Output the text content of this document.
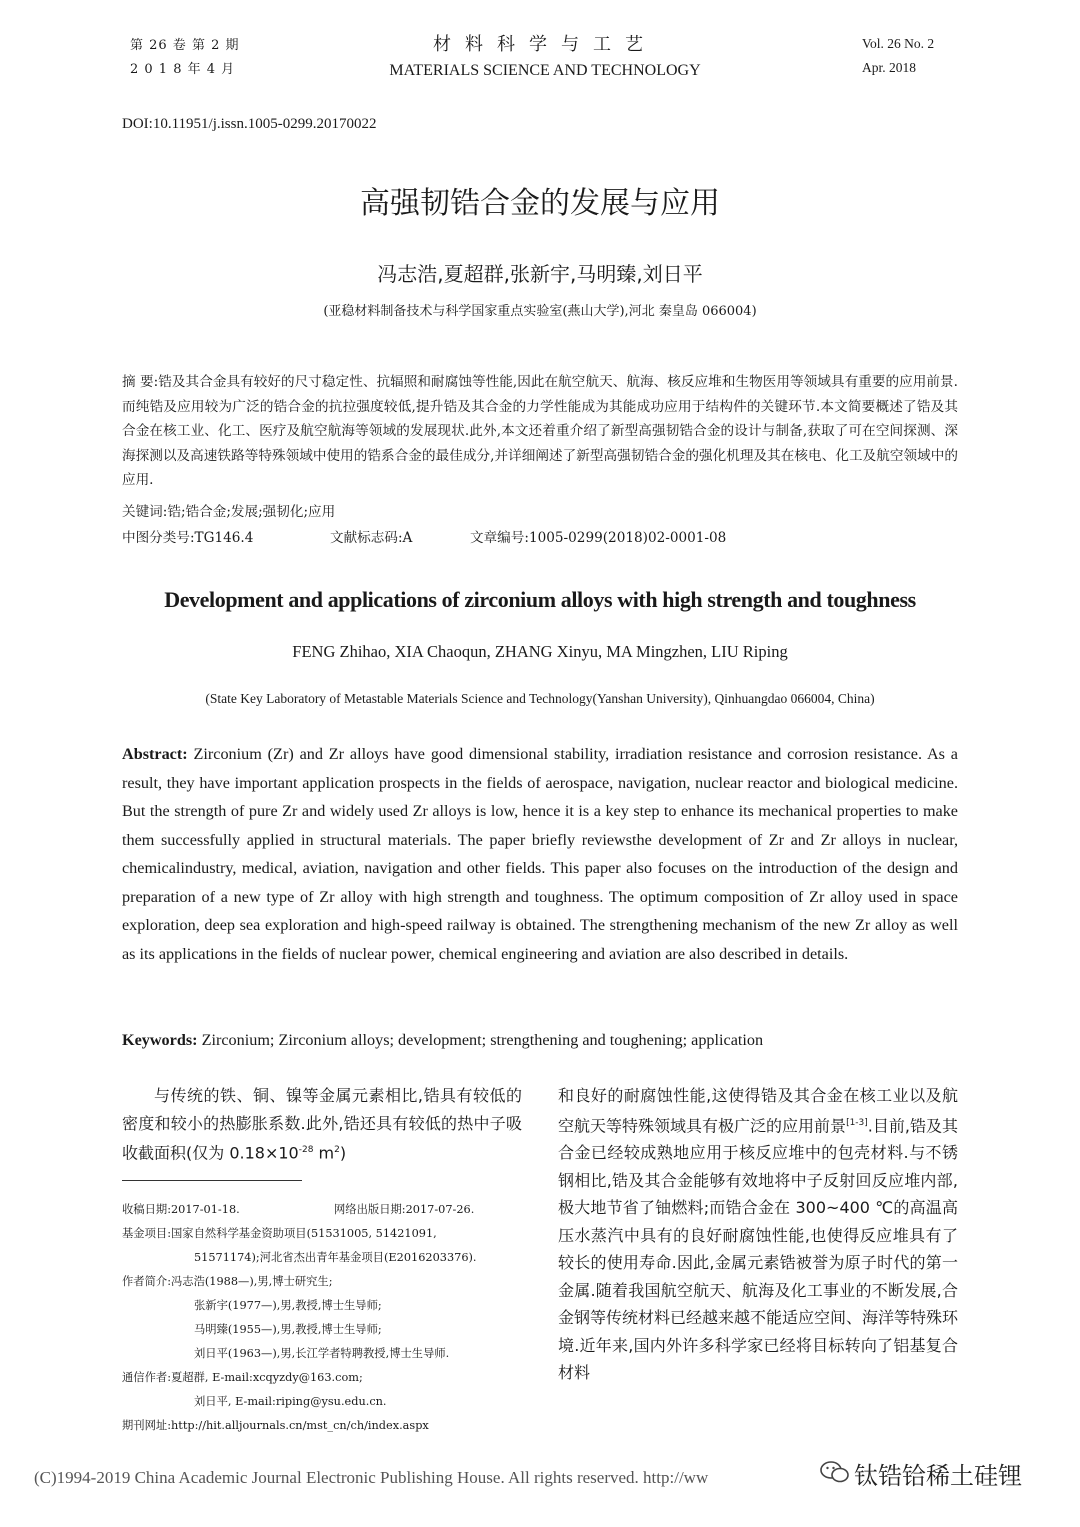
第 26 卷 第 2 期
2 0 1 8 年 4 月
材料科学与工艺
MATERIALS SCIENCE AND TECHNOLOGY
Vol. 26 No. 2
Apr. 2018
DOI:10.11951/j.issn.1005-0299.20170022
高强韧锆合金的发展与应用
冯志浩,夏超群,张新宇,马明臻,刘日平
(亚稳材料制备技术与科学国家重点实验室(燕山大学),河北 秦皇岛 066004)
摘 要:锆及其合金具有较好的尺寸稳定性、抗辐照和耐腐蚀等性能,因此在航空航天、航海、核反应堆和生物医用等领域具有重要的应用前景.而纯锆及应用较为广泛的锆合金的抗拉强度较低,提升锆及其合金的力学性能成为其能成功应用于结构件的关键环节.本文简要概述了锆及其合金在核工业、化工、医疗及航空航海等领域的发展现状.此外,本文还着重介绍了新型高强韧锆合金的设计与制备,获取了可在空间探测、深海探测以及高速铁路等特殊领域中使用的锆系合金的最佳成分,并详细阐述了新型高强韧锆合金的强化机理及其在核电、化工及航空领域中的应用.
关键词:锆;锆合金;发展;强韧化;应用
中图分类号:TG146.4	文献标志码:A	文章编号:1005-0299(2018)02-0001-08
Development and applications of zirconium alloys with high strength and toughness
FENG Zhihao, XIA Chaoqun, ZHANG Xinyu, MA Mingzhen, LIU Riping
(State Key Laboratory of Metastable Materials Science and Technology(Yanshan University), Qinhuangdao 066004, China)
Abstract: Zirconium (Zr) and Zr alloys have good dimensional stability, irradiation resistance and corrosion resistance. As a result, they have important application prospects in the fields of aerospace, navigation, nuclear reactor and biological medicine. But the strength of pure Zr and widely used Zr alloys is low, hence it is a key step to enhance its mechanical properties to make them successfully applied in structural materials. The paper briefly reviewsthe development of Zr and Zr alloys in nuclear, chemicalindustry, medical, aviation, navigation and other fields. This paper also focuses on the introduction of the design and preparation of a new type of Zr alloy with high strength and toughness. The optimum composition of Zr alloy used in space exploration, deep sea exploration and high-speed railway is obtained. The strengthening mechanism of the new Zr alloy as well as its applications in the fields of nuclear power, chemical engineering and aviation are also described in details.
Keywords: Zirconium; Zirconium alloys; development; strengthening and toughening; application
与传统的铁、铜、镍等金属元素相比,锆具有较低的密度和较小的热膨胀系数.此外,锆还具有较低的热中子吸收截面积(仅为 $0.18\times 10^{-28}$ $m^2$)
收稿日期:2017-01-18.	网络出版日期:2017-07-26.
基金项目:国家自然科学基金资助项目(51531005, 51421091,
51571174);河北省杰出青年基金项目(E2016203376).
作者简介:冯志浩(1988—),男,博士研究生;
张新宇(1977—),男,教授,博士生导师;
马明臻(1955—),男,教授,博士生导师;
刘日平(1963—),男,长江学者特聘教授,博士生导师.
通信作者:夏超群, E-mail:xcqyzdy@163.com;
刘日平, E-mail:riping@ysu.edu.cn.
期刊网址:http://hit.alljournals.cn/mst_cn/ch/index.aspx
和良好的耐腐蚀性能,这使得锆及其合金在核工业以及航空航天等特殊领域具有极广泛的应用前景[1-3].目前,锆及其合金已经较成熟地应用于核反应堆中的包壳材料.与不锈钢相比,锆及其合金能够有效地将中子反射回反应堆内部,极大地节省了铀燃料;而锆合金在 300~400 ℃的高温高压水蒸汽中具有的良好耐腐蚀性能,也使得反应堆具有了较长的使用寿命.因此,金属元素锆被誉为原子时代的第一金属.随着我国航空航天、航海及化工事业的不断发展,合金钢等传统材料已经越来越不能适应空间、海洋等特殊环境.近年来,国内外许多科学家已经将目标转向了铝基复合材料
(C)1994-2019 China Academic Journal Electronic Publishing House. All rights reserved. http://ww	钛锆铪稀土硅锂
